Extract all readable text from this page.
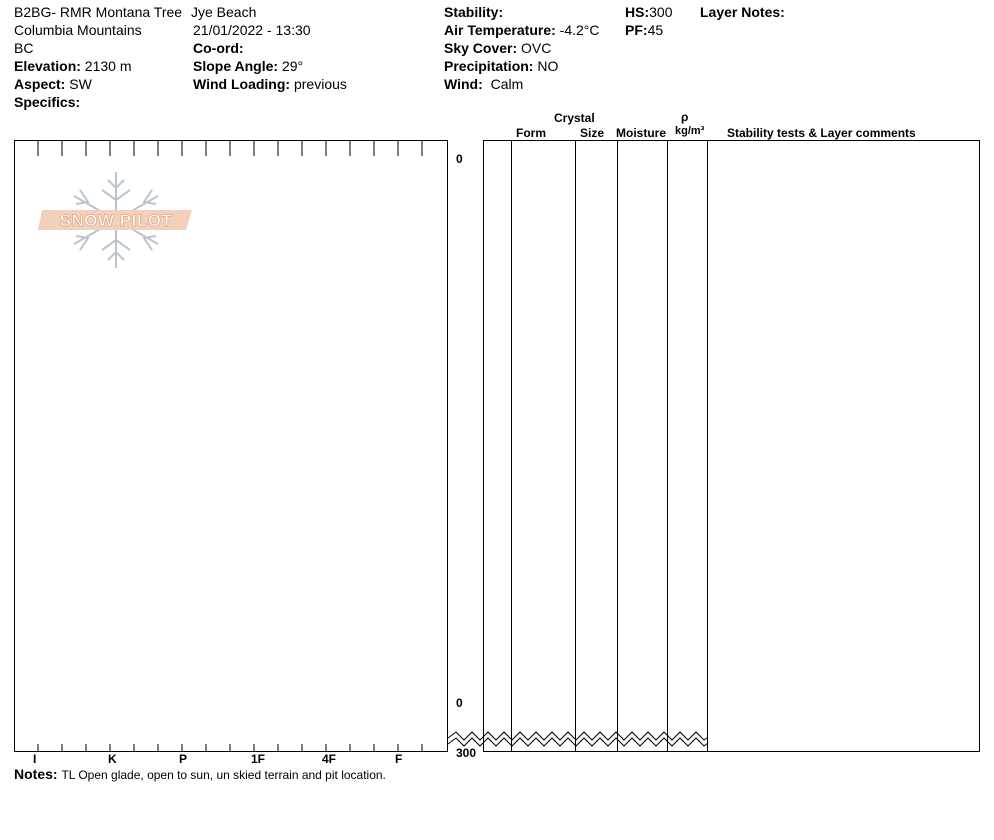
B2BG- RMR Montana Tree Jye Beach
Columbia Mountains	21/01/2022 - 13:30
BC	Co-ord:
Elevation: 2130 m	Slope Angle: 29°
Aspect: SW	Wind Loading: previous
Specifics:
Stability:
Air Temperature: -4.2°C
Sky Cover: OVC
Precipitation: NO
Wind: Calm
HS:300
PF:45
Layer Notes:
Crystal
Form	Size Moisture
ρ
kg/m³ Stability tests & Layer comments
0
0
300
I	K	P	1F	4F	F
SNOW PILOT
Notes: TL Open glade, open to sun, un skied terrain and pit location.
